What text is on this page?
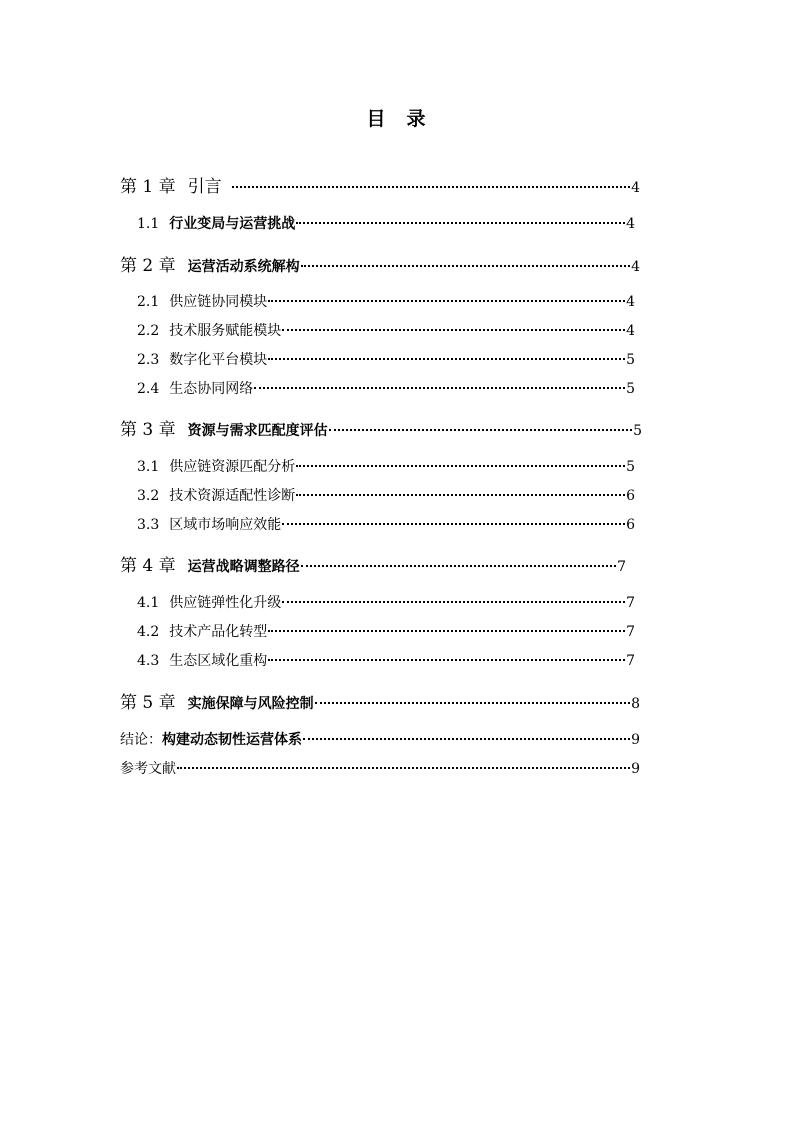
目　录
第 1 章 引言	4
1.1 行业变局与运营挑战	4
第 2 章 运营活动系统解构	4
2.1 供应链协同模块	4
2.2 技术服务赋能模块	4
2.3 数字化平台模块	5
2.4 生态协同网络	5
第 3 章 资源与需求匹配度评估	5
3.1 供应链资源匹配分析	5
3.2 技术资源适配性诊断	6
3.3 区域市场响应效能	6
第 4 章 运营战略调整路径	7
4.1 供应链弹性化升级	7
4.2 技术产品化转型	7
4.3 生态区域化重构	7
第 5 章 实施保障与风险控制	8
结论： 构建动态韧性运营体系	9
参考文献	9
